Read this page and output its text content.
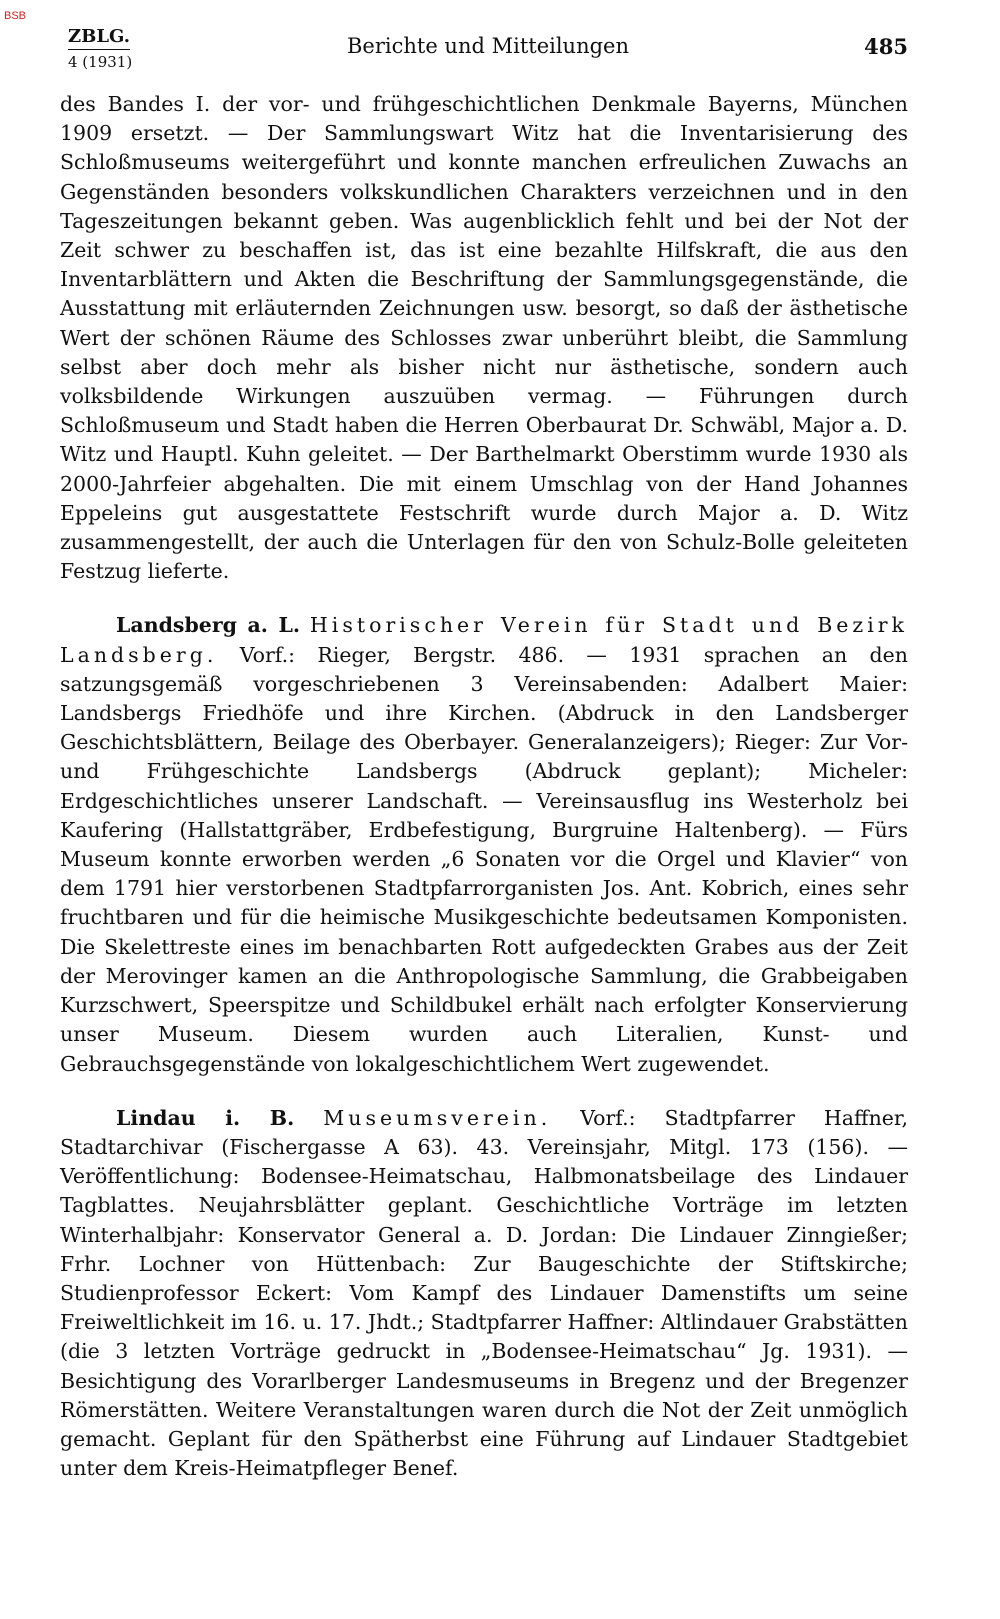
BSB
ZBLG.
4 (1931)
Berichte und Mitteilungen	485

des Bandes I. der vor- und frühgeschichtlichen Denkmale Bayerns, München 1909 ersetzt. — Der Sammlungswart Witz hat die Inventarisierung des Schloßmuseums weitergeführt und konnte manchen erfreulichen Zuwachs an Gegenständen besonders volkskundlichen Charakters verzeichnen und in den Tageszeitungen bekannt geben. Was augenblicklich fehlt und bei der Not der Zeit schwer zu beschaffen ist, das ist eine bezahlte Hilfskraft, die aus den Inventarblättern und Akten die Beschriftung der Sammlungsgegenstände, die Ausstattung mit erläuternden Zeichnungen usw. besorgt, so daß der ästhetische Wert der schönen Räume des Schlosses zwar unberührt bleibt, die Sammlung selbst aber doch mehr als bisher nicht nur ästhetische, sondern auch volksbildende Wirkungen auszuüben vermag. — Führungen durch Schloßmuseum und Stadt haben die Herren Oberbaurat Dr. Schwäbl, Major a. D. Witz und Hauptl. Kuhn geleitet. — Der Barthelmarkt Oberstimm wurde 1930 als 2000-Jahrfeier abgehalten. Die mit einem Umschlag von der Hand Johannes Eppeleins gut ausgestattete Festschrift wurde durch Major a. D. Witz zusammengestellt, der auch die Unterlagen für den von Schulz-Bolle geleiteten Festzug lieferte.

Landsberg a. L. Historischer Verein für Stadt und Bezirk Landsberg. Vorf.: Rieger, Bergstr. 486. — 1931 sprachen an den satzungsgemäß vorgeschriebenen 3 Vereinsabenden: Adalbert Maier: Landsbergs Friedhöfe und ihre Kirchen. (Abdruck in den Landsberger Geschichtsblättern, Beilage des Oberbayer. Generalanzeigers); Rieger: Zur Vor- und Frühgeschichte Landsbergs (Abdruck geplant); Micheler: Erdgeschichtliches unserer Landschaft. — Vereinsausflug ins Westerholz bei Kaufering (Hallstattgräber, Erdbefestigung, Burgruine Haltenberg). — Fürs Museum konnte erworben werden „6 Sonaten vor die Orgel und Klavier“ von dem 1791 hier verstorbenen Stadtpfarrorganisten Jos. Ant. Kobrich, eines sehr fruchtbaren und für die heimische Musikgeschichte bedeutsamen Komponisten. Die Skelettreste eines im benachbarten Rott aufgedeckten Grabes aus der Zeit der Merovinger kamen an die Anthropologische Sammlung, die Grabbeigaben Kurzschwert, Speerspitze und Schildbukel erhält nach erfolgter Konservierung unser Museum. Diesem wurden auch Literalien, Kunst- und Gebrauchsgegenstände von lokalgeschichtlichem Wert zugewendet.

Lindau i. B. Museumsverein. Vorf.: Stadtpfarrer Haffner, Stadtarchivar (Fischergasse A 63). 43. Vereinsjahr, Mitgl. 173 (156). — Veröffentlichung: Bodensee-Heimatschau, Halbmonatsbeilage des Lindauer Tagblattes. Neujahrsblätter geplant. Geschichtliche Vorträge im letzten Winterhalbjahr: Konservator General a. D. Jordan: Die Lindauer Zinngießer; Frhr. Lochner von Hüttenbach: Zur Baugeschichte der Stiftskirche; Studienprofessor Eckert: Vom Kampf des Lindauer Damenstifts um seine Freiweltlichkeit im 16. u. 17. Jhdt.; Stadtpfarrer Haffner: Altlindauer Grabstätten (die 3 letzten Vorträge gedruckt in „Bodensee-Heimatschau“ Jg. 1931). — Besichtigung des Vorarlberger Landesmuseums in Bregenz und der Bregenzer Römerstätten. Weitere Veranstaltungen waren durch die Not der Zeit unmöglich gemacht. Geplant für den Spätherbst eine Führung auf Lindauer Stadtgebiet unter dem Kreis-Heimatpfleger Benef.
